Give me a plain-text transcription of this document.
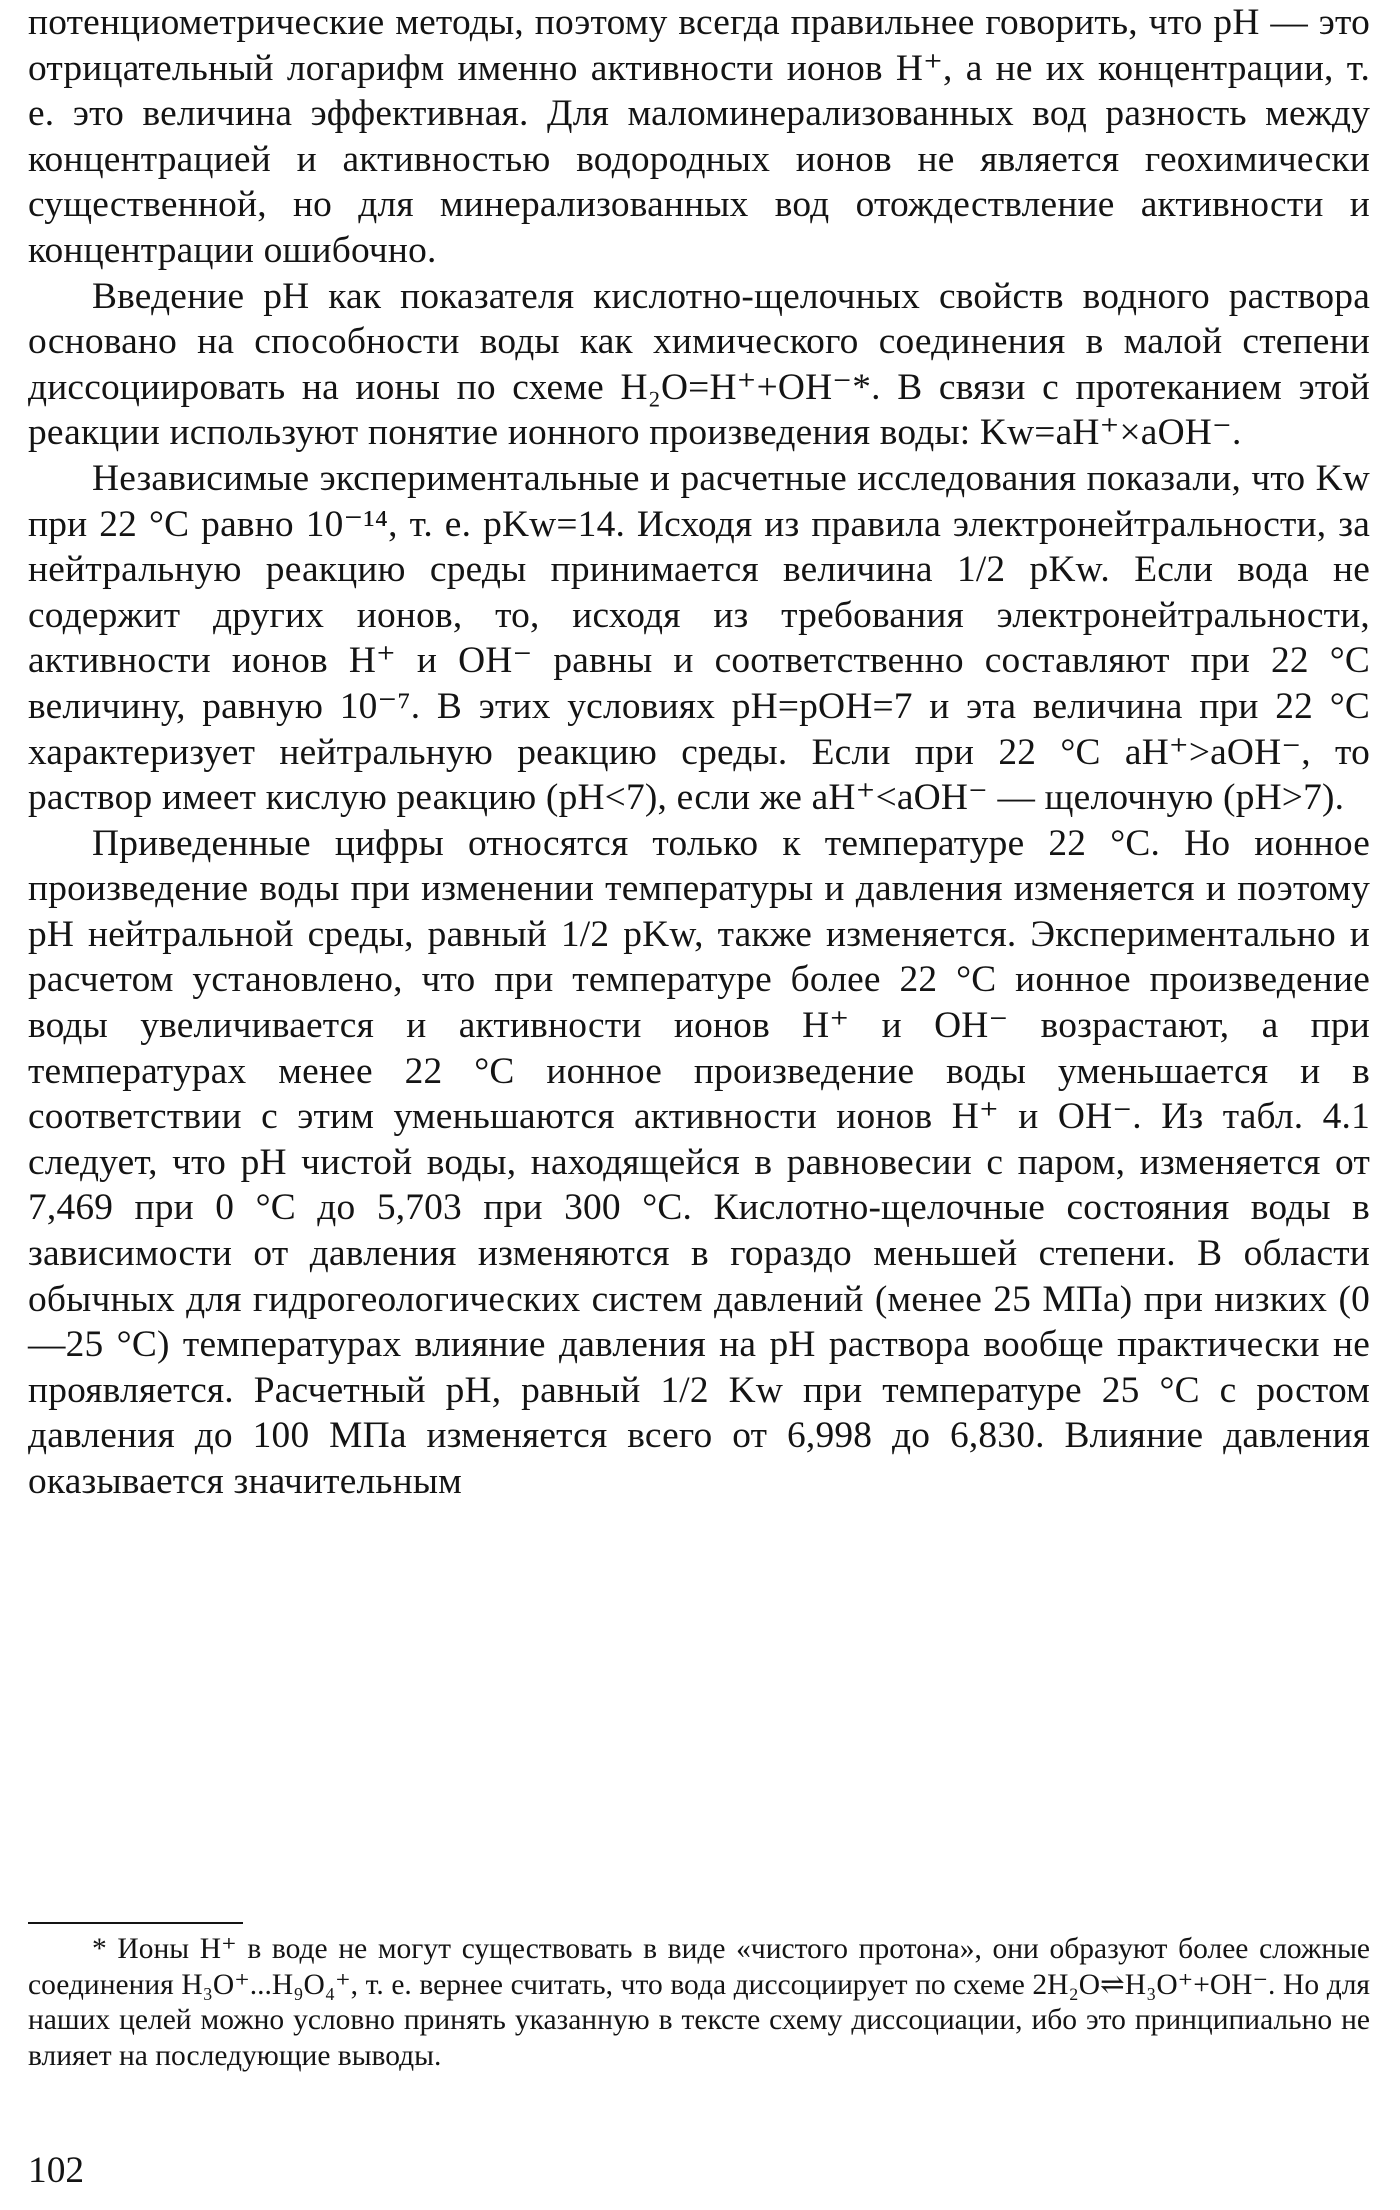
потенциометрические методы, поэтому всегда правильнее говорить, что pH — это отрицательный логарифм именно активности ионов H⁺, а не их концентрации, т. е. это величина эффективная. Для маломинерализованных вод разность между концентрацией и активностью водородных ионов не является геохимически существенной, но для минерализованных вод отождествление активности и концентрации ошибочно.

Введение pH как показателя кислотно-щелочных свойств водного раствора основано на способности воды как химического соединения в малой степени диссоциировать на ионы по схеме H₂O=H⁺+OH⁻*. В связи с протеканием этой реакции используют понятие ионного произведения воды: Kw=aH⁺×aOH⁻.

Независимые экспериментальные и расчетные исследования показали, что Kw при 22 °C равно 10⁻¹⁴, т. е. pKw=14. Исходя из правила электронейтральности, за нейтральную реакцию среды принимается величина 1/2 pKw. Если вода не содержит других ионов, то, исходя из требования электронейтральности, активности ионов H⁺ и OH⁻ равны и соответственно составляют при 22 °C величину, равную 10⁻⁷. В этих условиях pH=pOH=7 и эта величина при 22 °C характеризует нейтральную реакцию среды. Если при 22 °C aH⁺>aOH⁻, то раствор имеет кислую реакцию (pH<7), если же aH⁺<aOH⁻ — щелочную (pH>7).

Приведенные цифры относятся только к температуре 22 °C. Но ионное произведение воды при изменении температуры и давления изменяется и поэтому pH нейтральной среды, равный 1/2 pKw, также изменяется. Экспериментально и расчетом установлено, что при температуре более 22 °C ионное произведение воды увеличивается и активности ионов H⁺ и OH⁻ возрастают, а при температурах менее 22 °C ионное произведение воды уменьшается и в соответствии с этим уменьшаются активности ионов H⁺ и OH⁻. Из табл. 4.1 следует, что pH чистой воды, находящейся в равновесии с паром, изменяется от 7,469 при 0 °C до 5,703 при 300 °C. Кислотно-щелочные состояния воды в зависимости от давления изменяются в гораздо меньшей степени. В области обычных для гидрогеологических систем давлений (менее 25 МПа) при низких (0—25 °C) температурах влияние давления на pH раствора вообще практически не проявляется. Расчетный pH, равный 1/2 Kw при температуре 25 °C с ростом давления до 100 МПа изменяется всего от 6,998 до 6,830. Влияние давления оказывается значительным

* Ионы H⁺ в воде не могут существовать в виде «чистого протона», они образуют более сложные соединения H₃O⁺...H₉O₄⁺, т. е. вернее считать, что вода диссоциирует по схеме 2H₂O⇌H₃O⁺+OH⁻. Но для наших целей можно условно принять указанную в тексте схему диссоциации, ибо это принципиально не влияет на последующие выводы.

102
